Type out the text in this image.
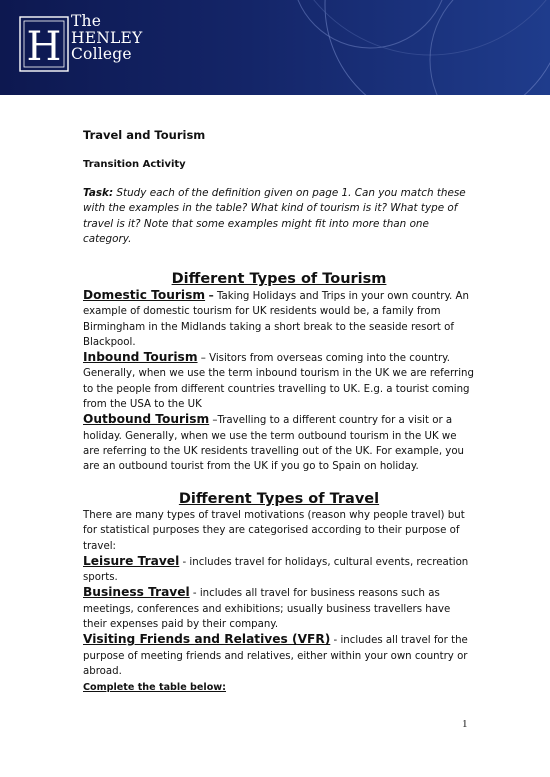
H
The
HENLEY
College
Travel and Tourism
Transition Activity
Task: Study each of the definition given on page 1. Can you match these with the examples in the table? What kind of tourism is it? What type of travel is it? Note that some examples might fit into more than one category.
Different Types of Tourism

Domestic Tourism – Taking Holidays and Trips in your own country. An example of domestic tourism for UK residents would be, a family from Birmingham in the Midlands taking a short break to the seaside resort of Blackpool.

Inbound Tourism – Visitors from overseas coming into the country. Generally, when we use the term inbound tourism in the UK we are referring to the people from different countries travelling to UK. E.g. a tourist coming from the USA to the UK

Outbound Tourism –Travelling to a different country for a visit or a holiday. Generally, when we use the term outbound tourism in the UK we are referring to the UK residents travelling out of the UK. For example, you are an outbound tourist from the UK if you go to Spain on holiday.

Different Types of Travel

There are many types of travel motivations (reason why people travel) but for statistical purposes they are categorised according to their purpose of travel:

Leisure Travel - includes travel for holidays, cultural events, recreation sports.

Business Travel - includes all travel for business reasons such as meetings, conferences and exhibitions; usually business travellers have their expenses paid by their company.

Visiting Friends and Relatives (VFR) - includes all travel for the purpose of meeting friends and relatives, either within your own country or abroad.

Complete the table below:
1
